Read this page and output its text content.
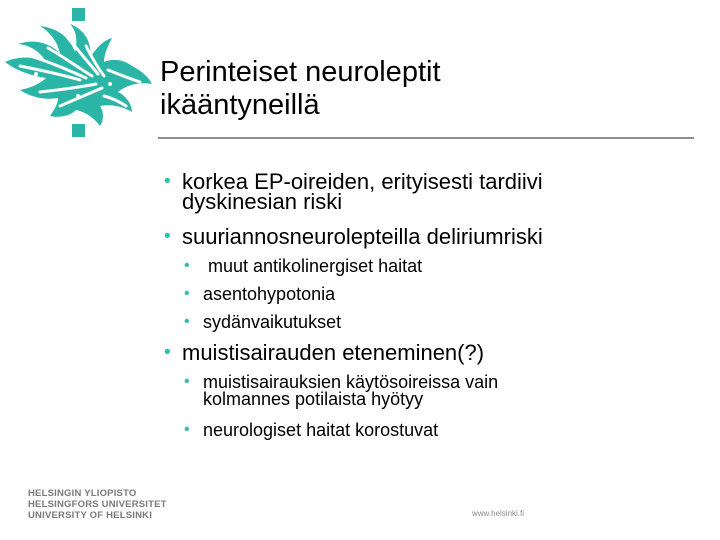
Perinteiset neuroleptit
ikääntyneillä
• korkea EP-oireiden, erityisesti tardiivi
dyskinesian riski
• suuriannosneurolepteilla deliriumriski
•	muut antikolinergiset haitat
• asentohypotonia
• sydänvaikutukset
• muistisairauden eteneminen(?)
• muistisairauksien käytösoireissa vain
kolmannes potilaista hyötyy
• neurologiset haitat korostuvat
HELSINGIN YLIOPISTO
HELSINGFORS UNIVERSITET
UNIVERSITY OF HELSINKI	www.helsinki.fi
